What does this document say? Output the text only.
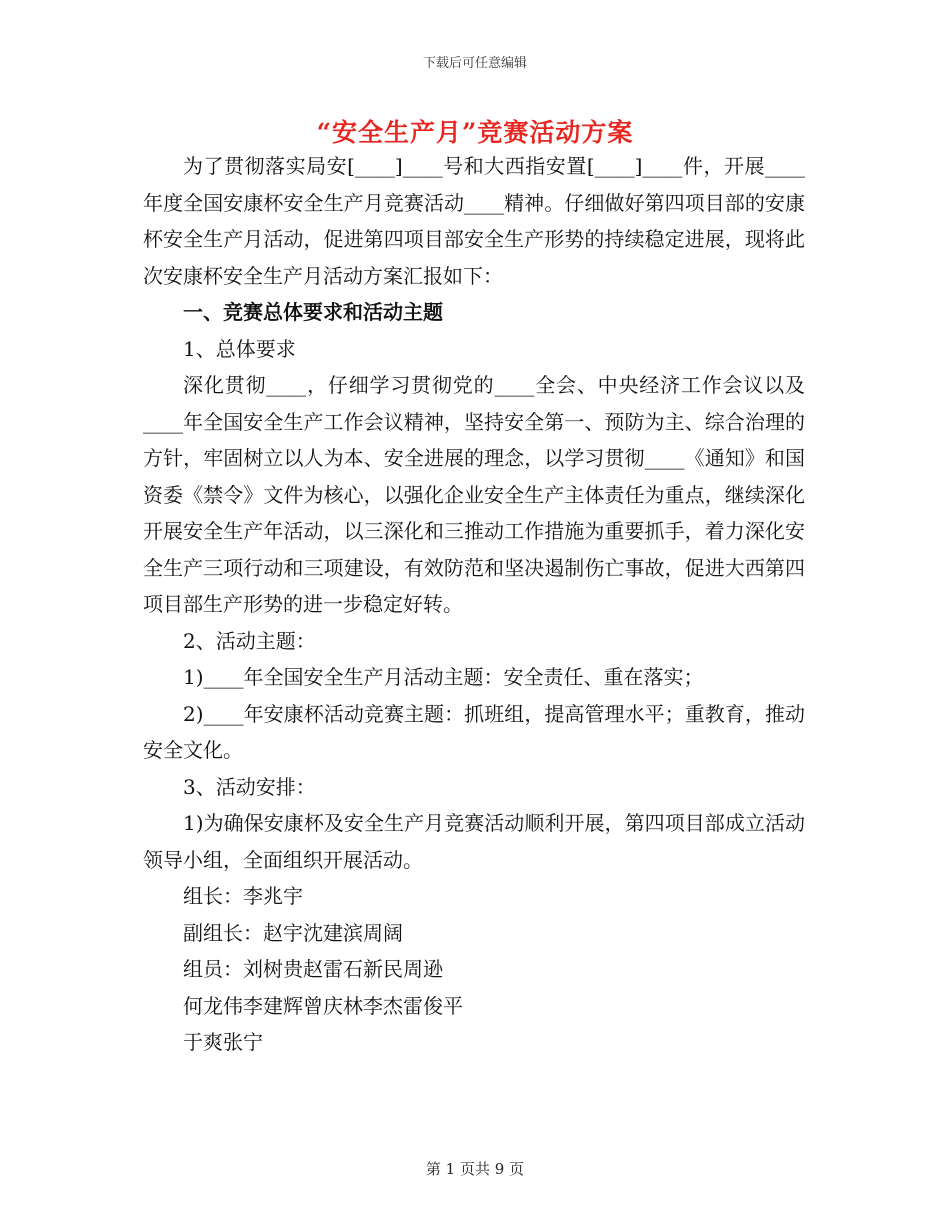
下载后可任意编辑
“安全生产月”竞赛活动方案

为了贯彻落实局安[____]____号和大西指安置[____]____件，开展____年度全国安康杯安全生产月竞赛活动____精神。仔细做好第四项目部的安康杯安全生产月活动，促进第四项目部安全生产形势的持续稳定进展，现将此次安康杯安全生产月活动方案汇报如下：

一、竞赛总体要求和活动主题

1、总体要求

深化贯彻____，仔细学习贯彻党的____全会、中央经济工作会议以及____年全国安全生产工作会议精神，坚持安全第一、预防为主、综合治理的方针，牢固树立以人为本、安全进展的理念，以学习贯彻____《通知》和国资委《禁令》文件为核心，以强化企业安全生产主体责任为重点，继续深化开展安全生产年活动，以三深化和三推动工作措施为重要抓手，着力深化安全生产三项行动和三项建设，有效防范和坚决遏制伤亡事故，促进大西第四项目部生产形势的进一步稳定好转。

2、活动主题：

1)____年全国安全生产月活动主题：安全责任、重在落实；

2)____年安康杯活动竞赛主题：抓班组，提高管理水平；重教育，推动安全文化。

3、活动安排：

1)为确保安康杯及安全生产月竞赛活动顺利开展，第四项目部成立活动领导小组，全面组织开展活动。

组长：李兆宇

副组长：赵宇沈建滨周阔

组员：刘树贵赵雷石新民周逊

何龙伟李建辉曾庆林李杰雷俊平

于爽张宁

第 1 页共 9 页
